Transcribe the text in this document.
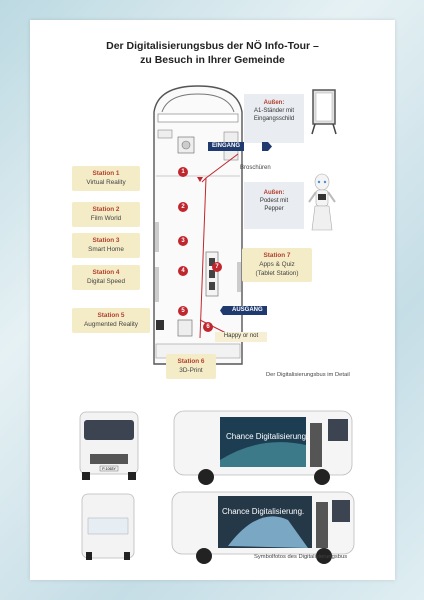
Der Digitalisierungsbus der NÖ Info-Tour –
zu Besuch in Ihrer Gemeinde
1
2
3
4
5
6
7
Station 1
Virtual Reality
Station 2
Film World
Station 3
Smart Home
Station 4
Digital Speed
Station 5
Augmented Reality
Station 6
3D-Print
Station 7
Apps & Quiz
(Tablet Station)
Außen:
A1-Ständer mit
Eingangsschild
Außen:
Podest mit
Pepper
EINGANG
Broschüren
AUSGANG
Happy or not
Der Digitalisierungsbus im Detail
P-1063Y
Chance Digitalisierung.
Chance Digitalisierung.
Symbolfotos des Digitalisierungsbus
